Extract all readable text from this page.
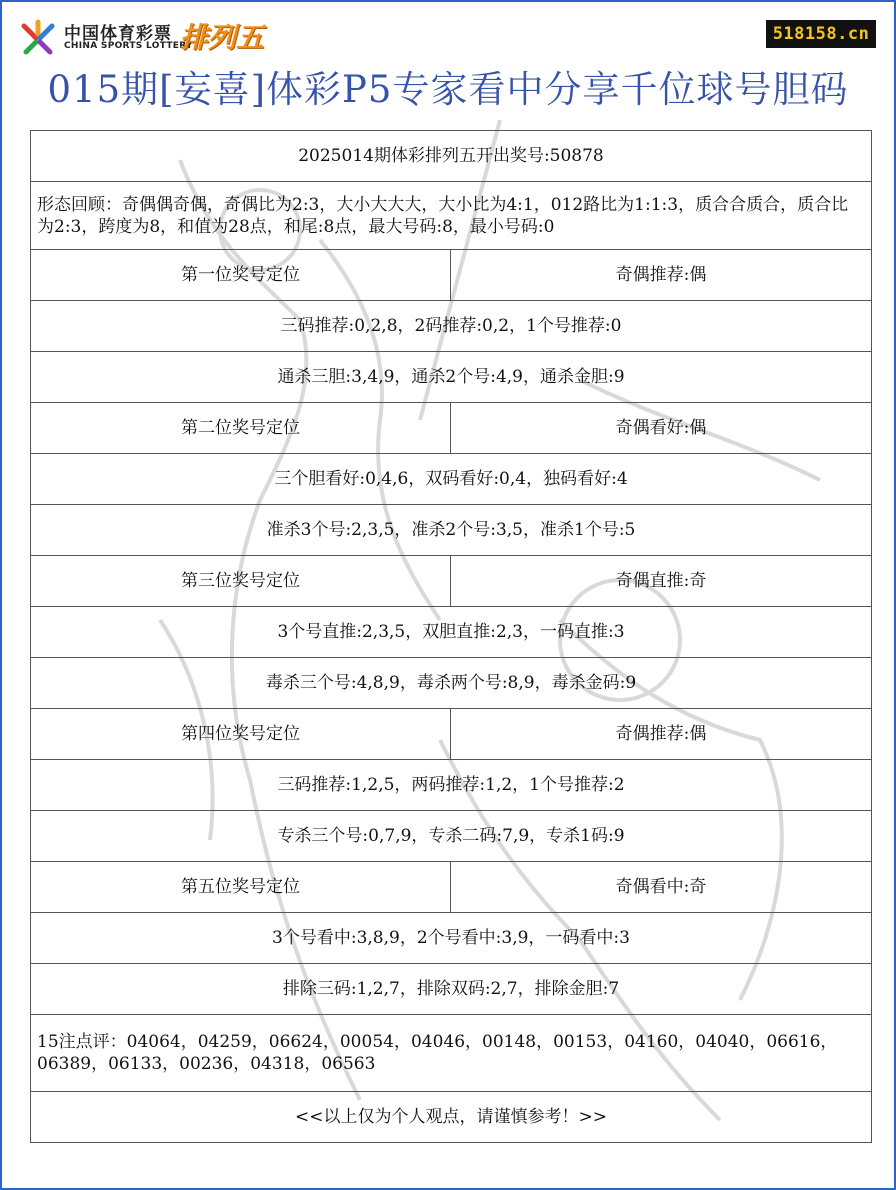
中国体育彩票
CHINA SPORTS LOTTERY
排列五	518158.cn
015期[妄喜]体彩P5专家看中分享千位球号胆码
2025014期体彩排列五开出奖号:50878	
形态回顾：奇偶偶奇偶，奇偶比为2:3，大小大大大，大小比为4:1，012路比为1:1:3，质合合质合，质合比为2:3，跨度为8，和值为28点，和尾:8点，最大号码:8，最小号码:0	
第一位奖号定位	奇偶推荐:偶
三码推荐:0,2,8，2码推荐:0,2，1个号推荐:0	
通杀三胆:3,4,9，通杀2个号:4,9，通杀金胆:9	
第二位奖号定位	奇偶看好:偶
三个胆看好:0,4,6，双码看好:0,4，独码看好:4	
准杀3个号:2,3,5，准杀2个号:3,5，准杀1个号:5	
第三位奖号定位	奇偶直推:奇
3个号直推:2,3,5，双胆直推:2,3，一码直推:3	
毒杀三个号:4,8,9，毒杀两个号:8,9，毒杀金码:9	
第四位奖号定位	奇偶推荐:偶
三码推荐:1,2,5，两码推荐:1,2，1个号推荐:2	
专杀三个号:0,7,9，专杀二码:7,9，专杀1码:9	
第五位奖号定位	奇偶看中:奇
3个号看中:3,8,9，2个号看中:3,9，一码看中:3	
排除三码:1,2,7，排除双码:2,7，排除金胆:7	
15注点评：04064，04259，06624，00054，04046，00148，00153，04160，04040，06616，06389，06133，00236，04318，06563	
<<以上仅为个人观点，请谨慎参考！>>	
